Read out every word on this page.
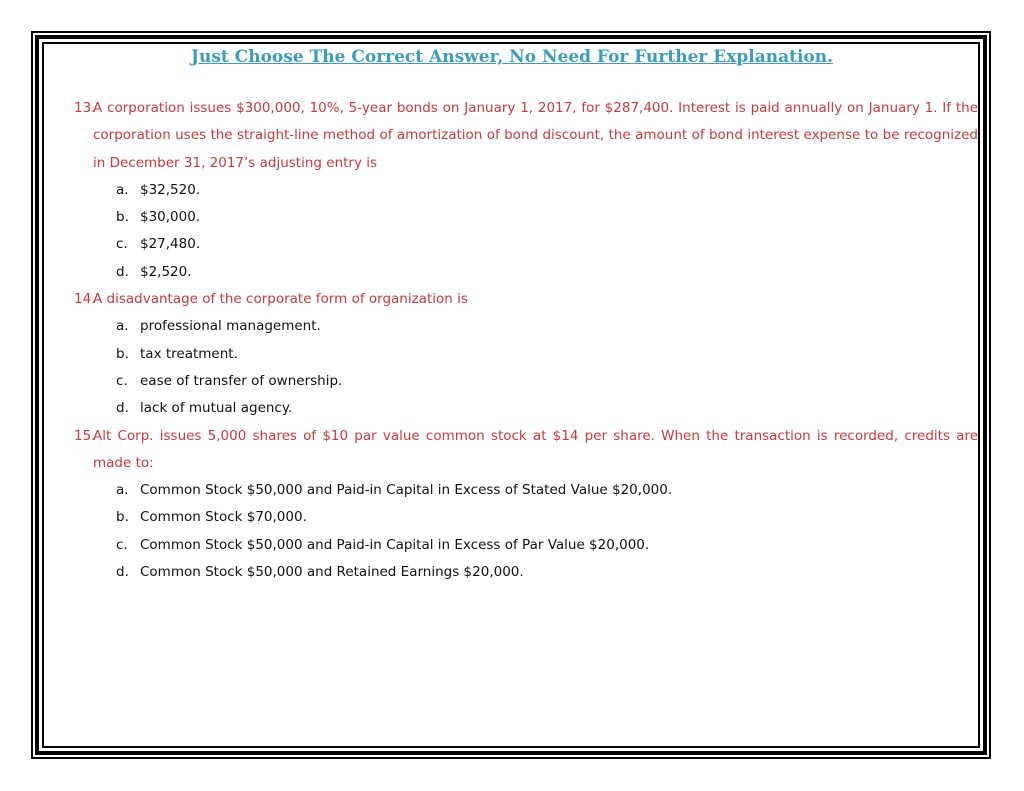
Just Choose The Correct Answer, No Need For Further Explanation.
13.
A corporation issues $300,000, 10%, 5-year bonds on January 1, 2017, for $287,400. Interest is paid annually on January 1. If the corporation uses the straight-line method of amortization of bond discount, the amount of bond interest expense to be recognized in December 31, 2017’s adjusting entry is
a. $32,520.
b. $30,000.
c. $27,480.
d. $2,520.
14.
A disadvantage of the corporate form of organization is
a. professional management.
b. tax treatment.
c. ease of transfer of ownership.
d. lack of mutual agency.
15.
Alt Corp. issues 5,000 shares of $10 par value common stock at $14 per share. When the transaction is recorded, credits are made to:
a. Common Stock $50,000 and Paid-in Capital in Excess of Stated Value $20,000.
b. Common Stock $70,000.
c. Common Stock $50,000 and Paid-in Capital in Excess of Par Value $20,000.
d. Common Stock $50,000 and Retained Earnings $20,000.
